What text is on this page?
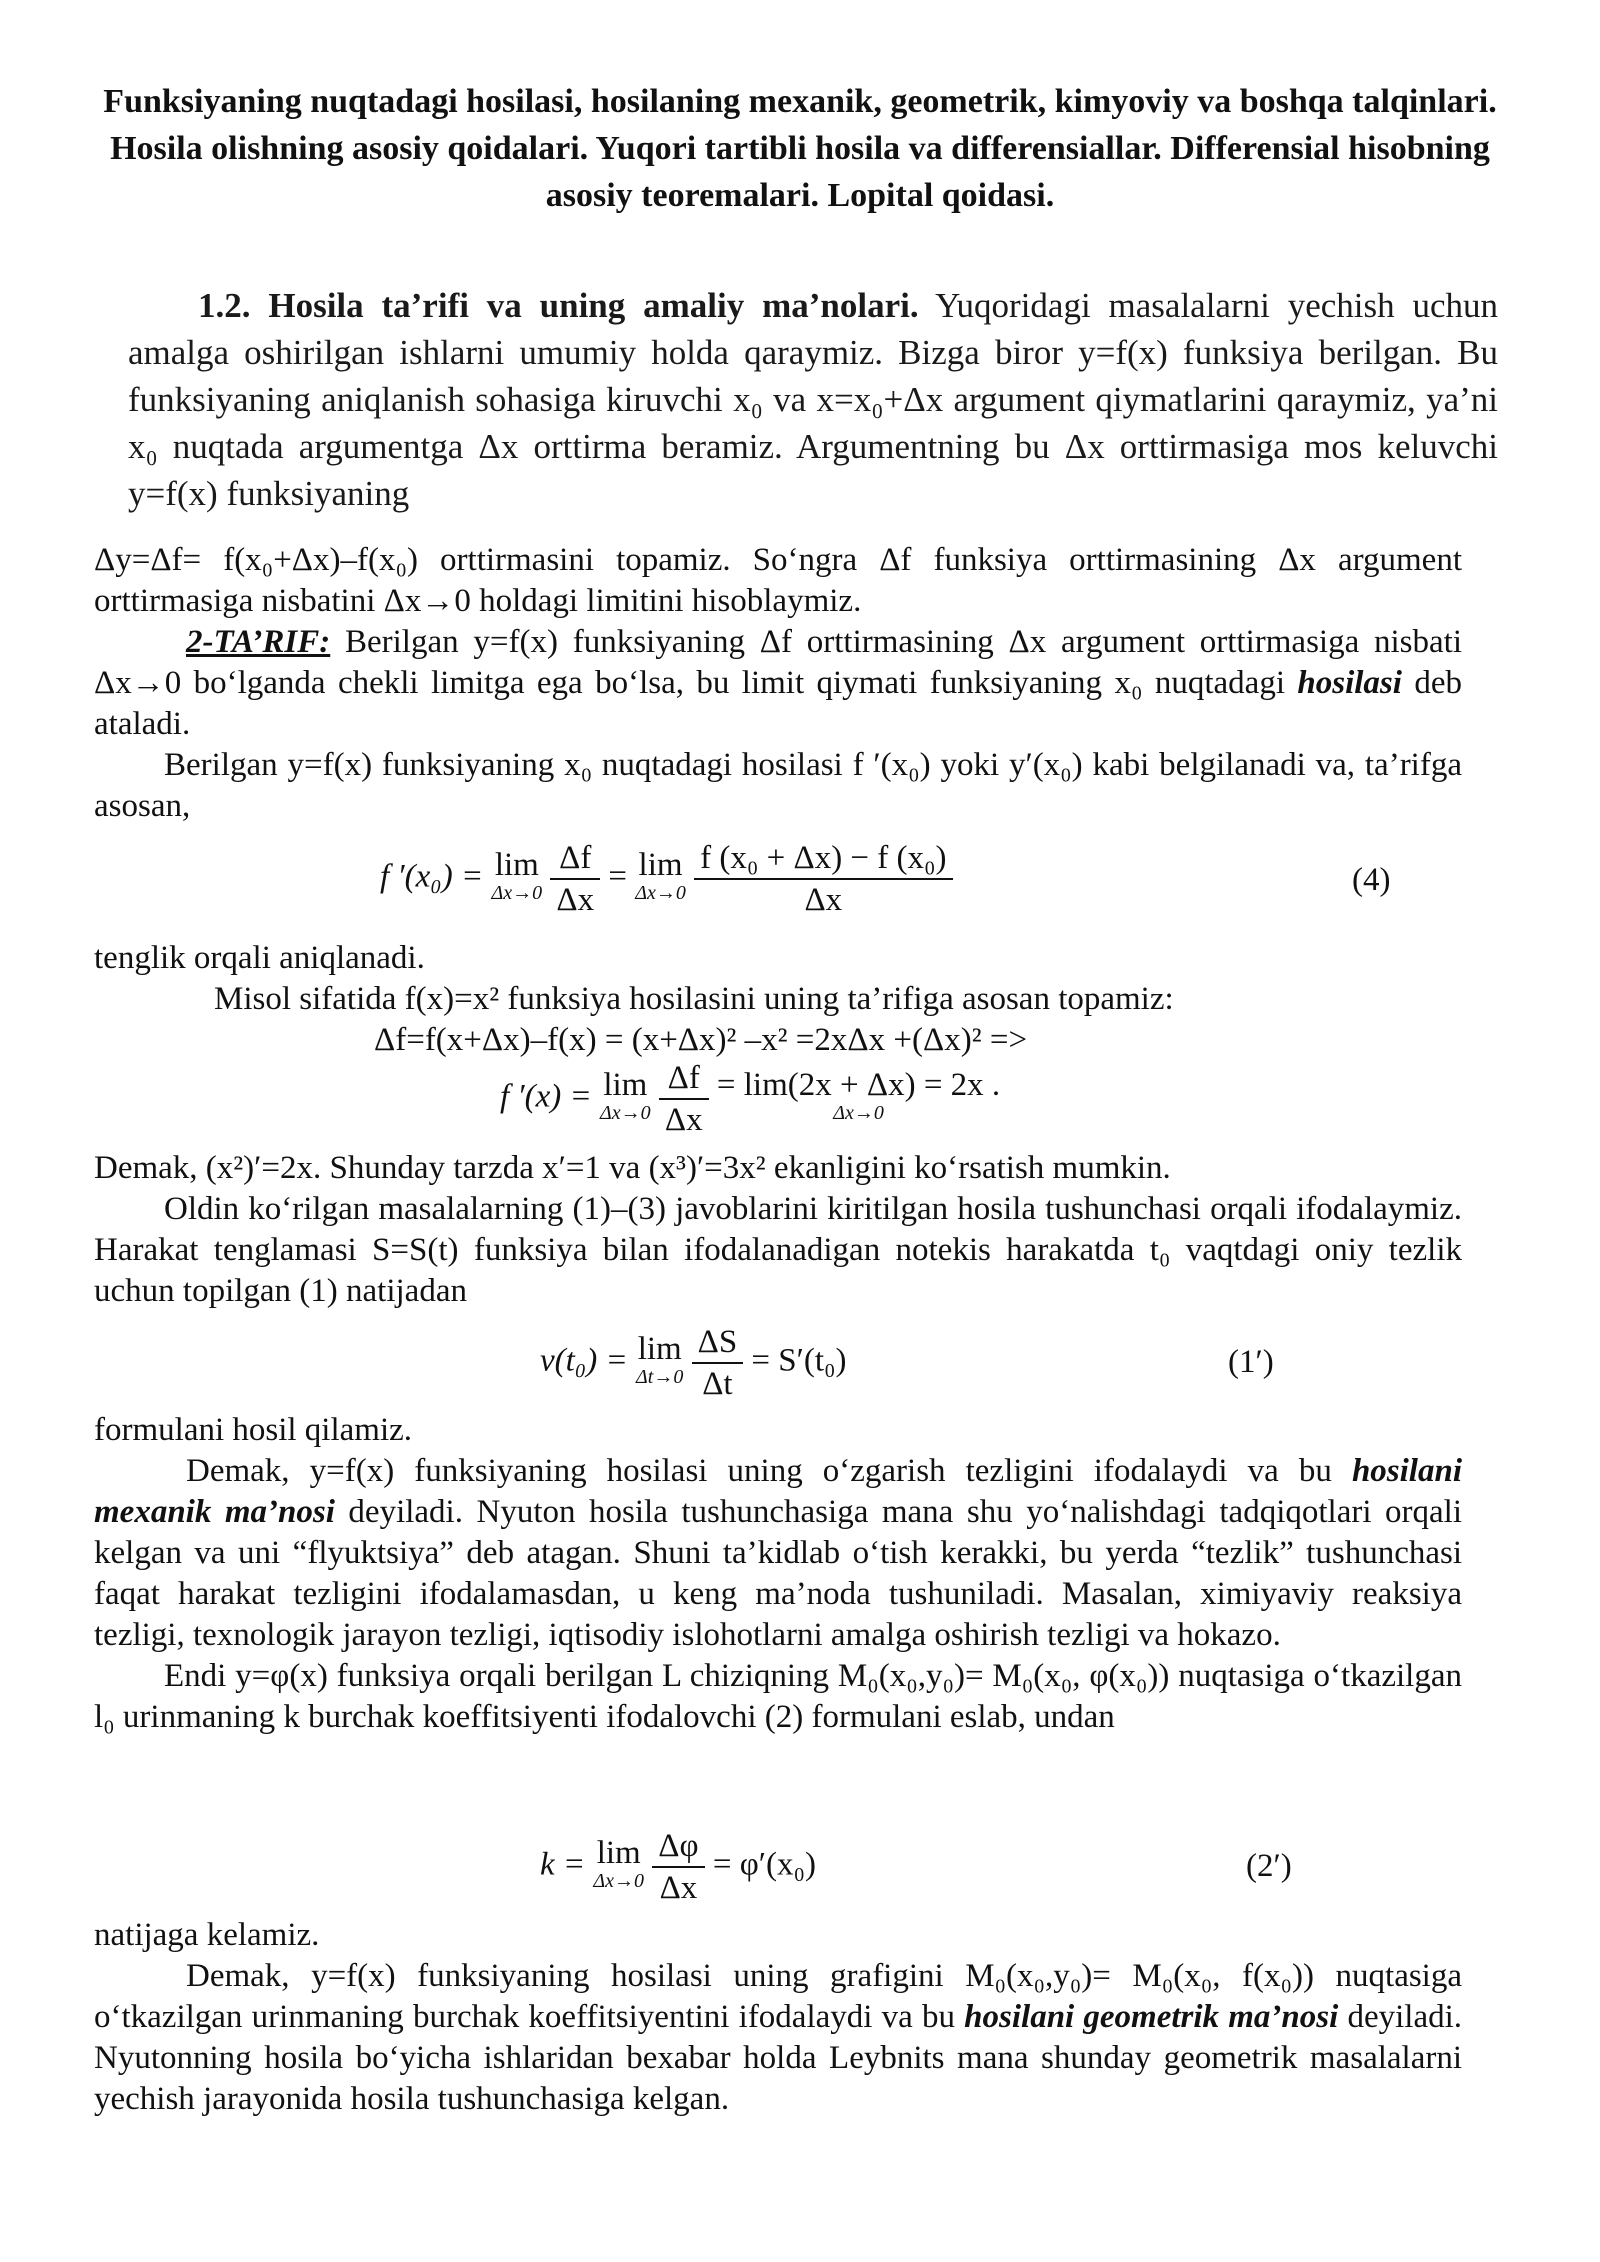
Funksiyaning nuqtadagi hosilasi, hosilaning mexanik, geometrik, kimyoviy va boshqa talqinlari. Hosila olishning asosiy qoidalari. Yuqori tartibli hosila va differensiallar. Differensial hisobning asosiy teoremalari. Lopital qoidasi.

1.2. Hosila ta’rifi va uning amaliy ma’nolari. Yuqoridagi masalalarni yechish uchun amalga oshirilgan ishlarni umumiy holda qaraymiz. Bizga biror y=f(x) funksiya berilgan. Bu funksiyaning aniqlanish sohasiga kiruvchi x₀ va x=x₀+Δx argument qiymatlarini qaraymiz, ya’ni x₀ nuqtada argumentga Δx orttirma beramiz. Argumentning bu Δx orttirmasiga mos keluvchi y=f(x) funksiyaning

Δy=Δf= f(x₀+Δx)–f(x₀) orttirmasini topamiz. So‘ngra Δf funksiya orttirmasining Δx argument orttirmasiga nisbatini Δx→0 holdagi limitini hisoblaymiz.

2-TA’RIF: Berilgan y=f(x) funksiyaning Δf orttirmasining Δx argument orttirmasiga nisbati Δx→0 bo‘lganda chekli limitga ega bo‘lsa, bu limit qiymati funksiyaning x₀ nuqtadagi hosilasi deb ataladi.

Berilgan y=f(x) funksiyaning x₀ nuqtadagi hosilasi f ′(x₀) yoki y′(x₀) kabi belgilanadi va, ta’rifga asosan,

f ′(x₀) = lim
Δx→0
$\frac{\Delta f}{\Delta x} = \lim$
Δx→0
$\frac{\text{f (x₀ + Δx) − f (x₀)}}{\Delta x}$	(4)

tenglik orqali aniqlanadi.

Misol sifatida f(x)=x² funksiya hosilasini uning ta’rifiga asosan topamiz:

Δf=f(x+Δx)–f(x) = (x+Δx)² –x² =2xΔx +(Δx)² =>

f ′(x) = lim
Δx→0
$\frac{\Delta f}{\Delta x} = \lim(2x + \Delta x) = 2x$ .
Δx→0

Demak, (x²)′=2x. Shunday tarzda x′=1 va (x³)′=3x² ekanligini ko‘rsatish mumkin.

Oldin ko‘rilgan masalalarning (1)–(3) javoblarini kiritilgan hosila tushunchasi orqali ifodalaymiz. Harakat tenglamasi S=S(t) funksiya bilan ifodalanadigan notekis harakatda t₀ vaqtdagi oniy tezlik uchun topilgan (1) natijadan

v(t₀) = lim
Δt→0
$\frac{\Delta S}{\Delta t} = S'(t_0)$	(1′)

formulani hosil qilamiz.

Demak, y=f(x) funksiyaning hosilasi uning o‘zgarish tezligini ifodalaydi va bu hosilani mexanik ma’nosi deyiladi. Nyuton hosila tushunchasiga mana shu yo‘nalishdagi tadqiqotlari orqali kelgan va uni “flyuktsiya” deb atagan. Shuni ta’kidlab o‘tish kerakki, bu yerda “tezlik” tushunchasi faqat harakat tezligini ifodalamasdan, u keng ma’noda tushuniladi. Masalan, ximiyaviy reaksiya tezligi, texnologik jarayon tezligi, iqtisodiy islohotlarni amalga oshirish tezligi va hokazo.

Endi y=φ(x) funksiya orqali berilgan L chiziqning M₀(x₀,y₀)= M₀(x₀, φ(x₀)) nuqtasiga o‘tkazilgan l₀ urinmaning k burchak koeffitsiyenti ifodalovchi (2) formulani eslab, undan

k = lim
Δx→0
$\frac{\Delta\varphi}{\Delta x} = \varphi'(x_0)$	(2′)

natijaga kelamiz.

Demak, y=f(x) funksiyaning hosilasi uning grafigini M₀(x₀,y₀)= M₀(x₀, f(x₀)) nuqtasiga o‘tkazilgan urinmaning burchak koeffitsiyentini ifodalaydi va bu hosilani geometrik ma’nosi deyiladi. Nyutonning hosila bo‘yicha ishlaridan bexabar holda Leybnits mana shunday geometrik masalalarni yechish jarayonida hosila tushunchasiga kelgan.
